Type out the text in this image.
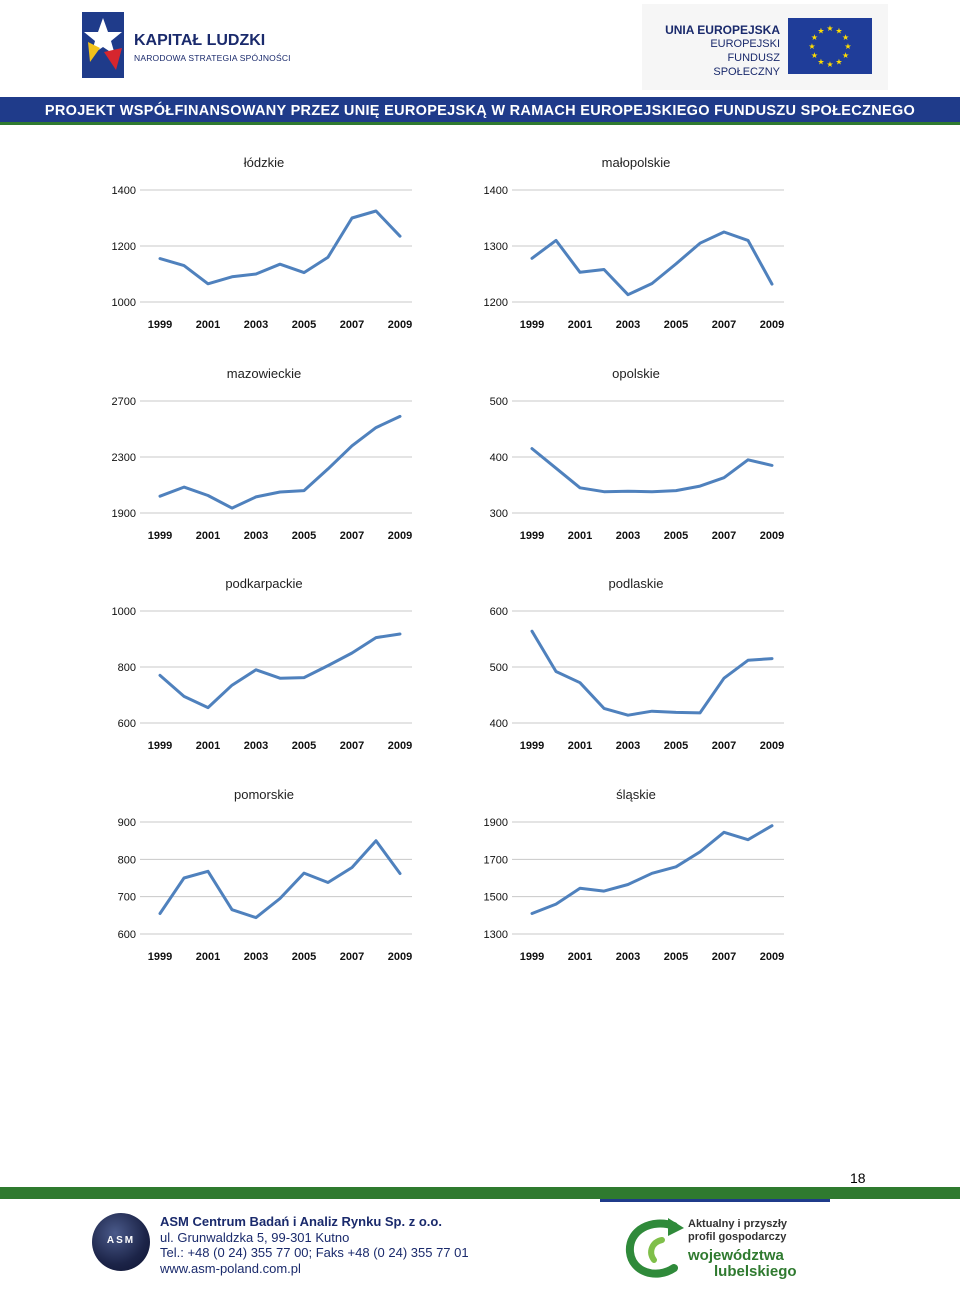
KAPITAŁ LUDZKI
NARODOWA STRATEGIA SPÓJNOŚCI
UNIA EUROPEJSKA
EUROPEJSKI
FUNDUSZ SPOŁECZNY
★ ★
★
★
★
★
★
★
★
★
★
★
PROJEKT WSPÓŁFINANSOWANY PRZEZ UNIĘ EUROPEJSKĄ W RAMACH EUROPEJSKIEGO FUNDUSZU SPOŁECZNEGO
łódzkie
1000
1200
1400
1999 2001 2003 2005 2007 2009
małopolskie
1200
1300
1400
1999 2001 2003 2005 2007 2009
mazowieckie
1900
2300
2700
1999 2001 2003 2005 2007 2009
opolskie
300
400
500
1999 2001 2003 2005 2007 2009
podkarpackie
600
800
1000
1999 2001 2003 2005 2007 2009
podlaskie
400
500
600
1999 2001 2003 2005 2007 2009
pomorskie
600
700
800
900
1999 2001 2003 2005 2007 2009
śląskie
1300
1500
1700
1900
1999 2001 2003 2005 2007 2009
18
ASM
ASM Centrum Badań i Analiz Rynku Sp. z o.o.
ul. Grunwaldzka 5, 99-301 Kutno
Tel.: +48 (0 24) 355 77 00; Faks +48 (0 24) 355 77 01
www.asm-poland.com.pl
Aktualny i przyszły
profil gospodarczy
województwa
lubelskiego
